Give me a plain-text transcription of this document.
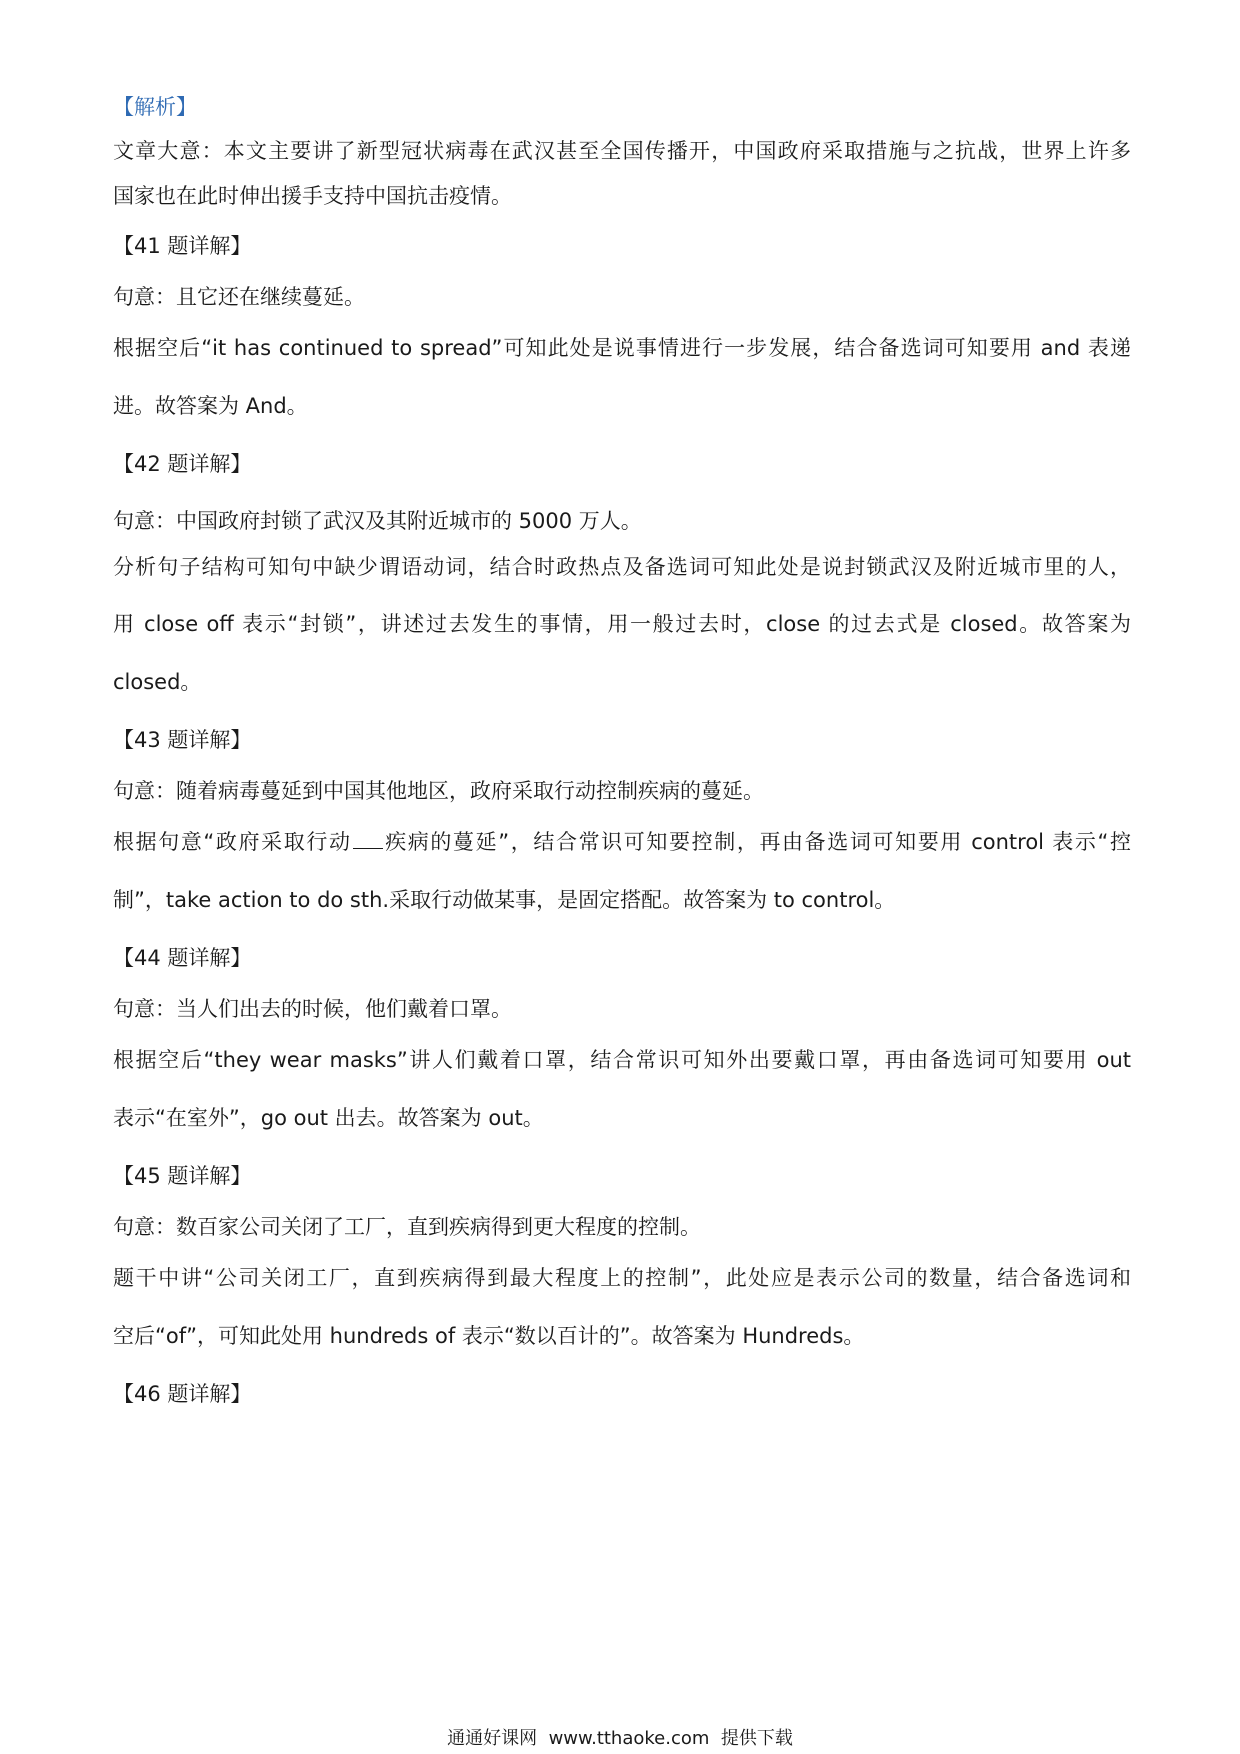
【解析】
文章大意：本文主要讲了新型冠状病毒在武汉甚至全国传播开，中国政府采取措施与之抗战，世界上许多
国家也在此时伸出援手支持中国抗击疫情。
【41 题详解】
句意：且它还在继续蔓延。
根据空后“it has continued to spread”可知此处是说事情进行一步发展，结合备选词可知要用 and 表递
进。故答案为 And。
【42 题详解】
句意：中国政府封锁了武汉及其附近城市的 5000 万人。
分析句子结构可知句中缺少谓语动词，结合时政热点及备选词可知此处是说封锁武汉及附近城市里的人，
用 close off 表示“封锁”，讲述过去发生的事情，用一般过去时，close 的过去式是 closed。故答案为
closed。
【43 题详解】
句意：随着病毒蔓延到中国其他地区，政府采取行动控制疾病的蔓延。
根据句意“政府采取行动 疾病的蔓延”，结合常识可知要控制，再由备选词可知要用 control 表示“控
制”，take action to do sth.采取行动做某事，是固定搭配。故答案为 to control。
【44 题详解】
句意：当人们出去的时候，他们戴着口罩。
根据空后“they wear masks”讲人们戴着口罩，结合常识可知外出要戴口罩，再由备选词可知要用 out
表示“在室外”，go out 出去。故答案为 out。
【45 题详解】
句意：数百家公司关闭了工厂，直到疾病得到更大程度的控制。
题干中讲“公司关闭工厂，直到疾病得到最大程度上的控制”，此处应是表示公司的数量，结合备选词和
空后“of”，可知此处用 hundreds of 表示“数以百计的”。故答案为 Hundreds。
【46 题详解】
通通好课网  www.tthaoke.com  提供下载
